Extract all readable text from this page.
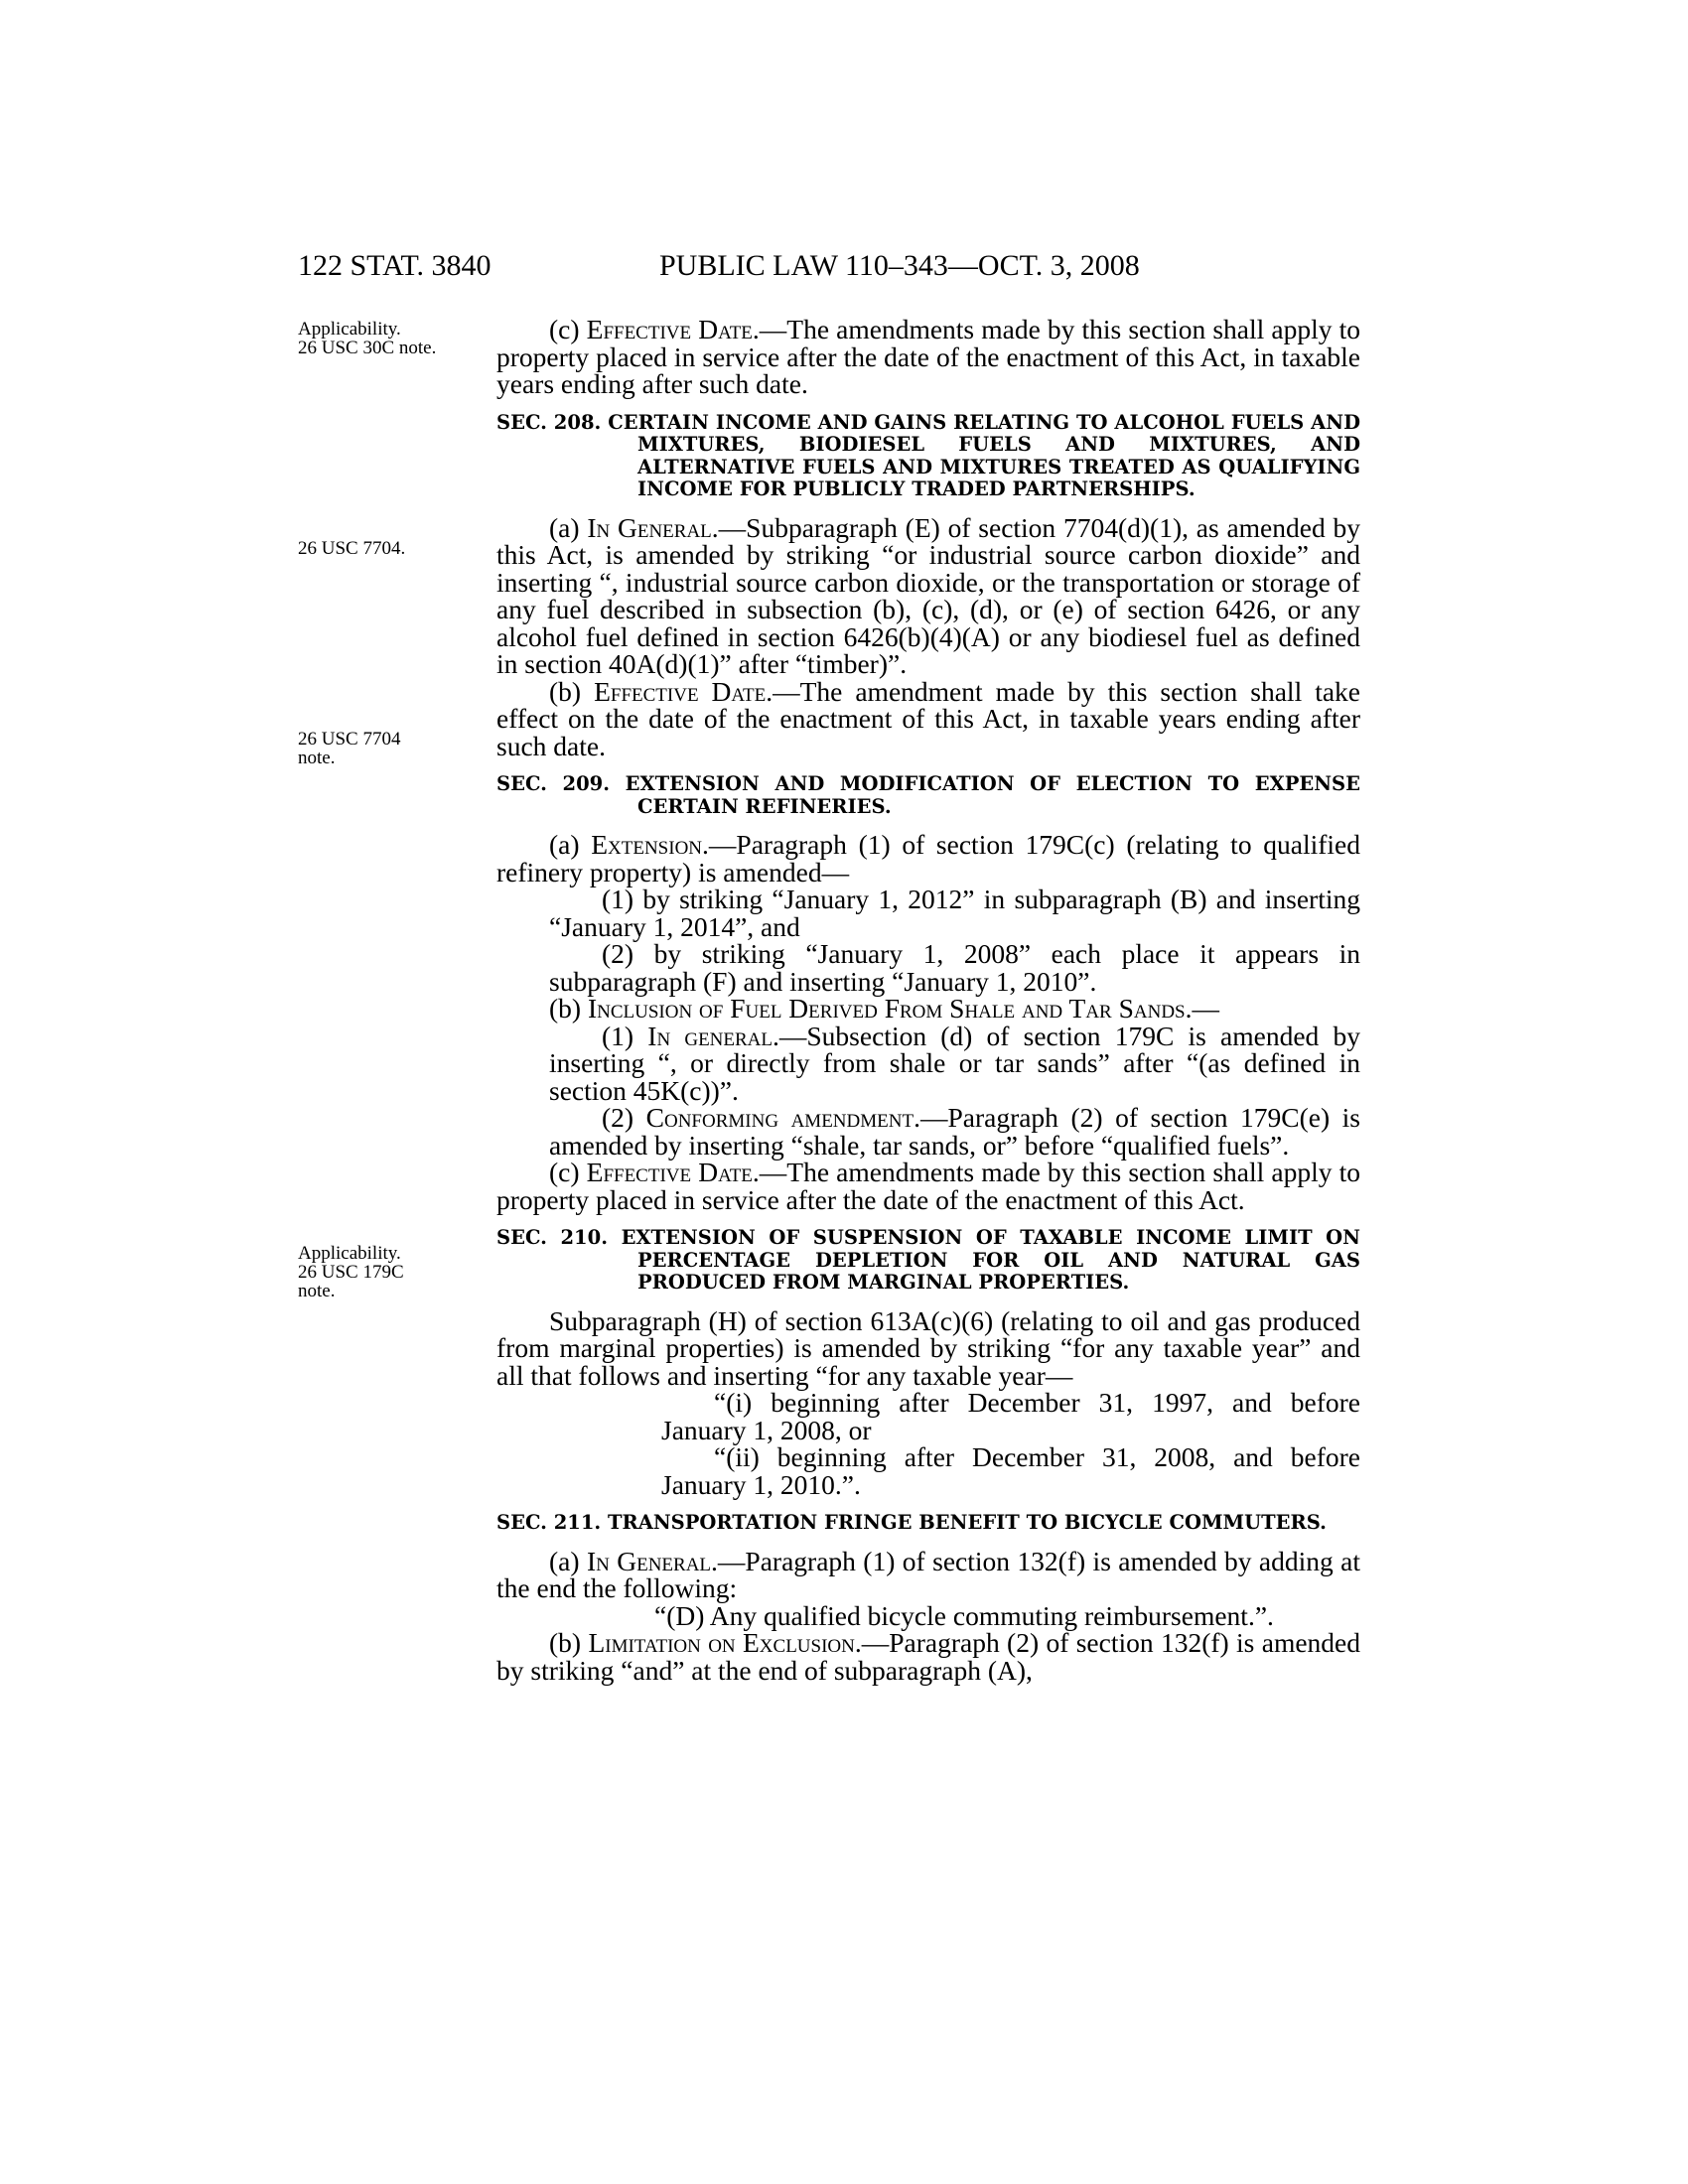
122 STAT. 3840	PUBLIC LAW 110–343—OCT. 3, 2008
Applicability.
26 USC 30C note.
26 USC 7704.
26 USC 7704
note.
Applicability.
26 USC 179C
note.

(c) Effective Date.—The amendments made by this section shall apply to property placed in service after the date of the enactment of this Act, in taxable years ending after such date.

SEC. 208. CERTAIN INCOME AND GAINS RELATING TO ALCOHOL FUELS AND MIXTURES, BIODIESEL FUELS AND MIXTURES, AND ALTERNATIVE FUELS AND MIXTURES TREATED AS QUALIFYING INCOME FOR PUBLICLY TRADED PARTNERSHIPS.

(a) In General.—Subparagraph (E) of section 7704(d)(1), as amended by this Act, is amended by striking “or industrial source carbon dioxide” and inserting “, industrial source carbon dioxide, or the transportation or storage of any fuel described in subsection (b), (c), (d), or (e) of section 6426, or any alcohol fuel defined in section 6426(b)(4)(A) or any biodiesel fuel as defined in section 40A(d)(1)” after “timber)”.

(b) Effective Date.—The amendment made by this section shall take effect on the date of the enactment of this Act, in taxable years ending after such date.

SEC. 209. EXTENSION AND MODIFICATION OF ELECTION TO EXPENSE CERTAIN REFINERIES.

(a) Extension.—Paragraph (1) of section 179C(c) (relating to qualified refinery property) is amended—

(1) by striking “January 1, 2012” in subparagraph (B) and inserting “January 1, 2014”, and

(2) by striking “January 1, 2008” each place it appears in subparagraph (F) and inserting “January 1, 2010”.

(b) Inclusion of Fuel Derived From Shale and Tar Sands.—

(1) In general.—Subsection (d) of section 179C is amended by inserting “, or directly from shale or tar sands” after “(as defined in section 45K(c))”.

(2) Conforming amendment.—Paragraph (2) of section 179C(e) is amended by inserting “shale, tar sands, or” before “qualified fuels”.

(c) Effective Date.—The amendments made by this section shall apply to property placed in service after the date of the enactment of this Act.

SEC. 210. EXTENSION OF SUSPENSION OF TAXABLE INCOME LIMIT ON PERCENTAGE DEPLETION FOR OIL AND NATURAL GAS PRODUCED FROM MARGINAL PROPERTIES.

Subparagraph (H) of section 613A(c)(6) (relating to oil and gas produced from marginal properties) is amended by striking “for any taxable year” and all that follows and inserting “for any taxable year—

“(i) beginning after December 31, 1997, and before January 1, 2008, or

“(ii) beginning after December 31, 2008, and before January 1, 2010.”.

SEC. 211. TRANSPORTATION FRINGE BENEFIT TO BICYCLE COMMUTERS.

(a) In General.—Paragraph (1) of section 132(f) is amended by adding at the end the following:

“(D) Any qualified bicycle commuting reimbursement.”.

(b) Limitation on Exclusion.—Paragraph (2) of section 132(f) is amended by striking “and” at the end of subparagraph (A),
